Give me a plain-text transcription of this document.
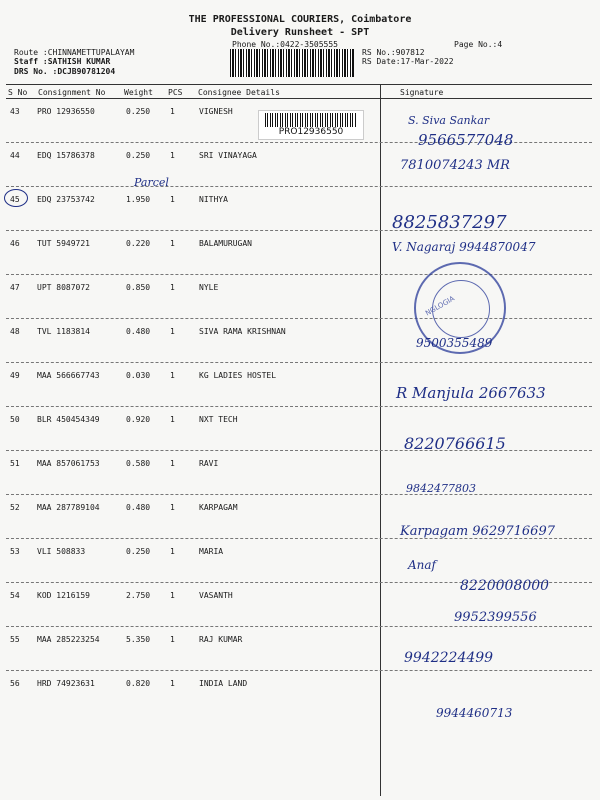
THE PROFESSIONAL COURIERS, Coimbatore
Delivery Runsheet - SPT
Phone No.:0422-3505555	Page No.:4
Route :CHINNAMETTUPALAYAM
Staff :SATHISH KUMAR
DRS No. :DCJB90781204
RS No.:907812
RS Date:17-Mar-2022
S No Consignment No Weight PCS Consignee Details	Signature
43 PRO 12936550	0.250 1	VIGNESH
44 EDQ 15786378	0.250 1	SRI VINAYAGA
45 EDQ 23753742	1.950 1	NITHYA
46 TUT 5949721	0.220 1	BALAMURUGAN
47 UPT 8087072	0.850 1	NYLE
48 TVL 1183814	0.480 1	SIVA RAMA KRISHNAN
49 MAA 566667743	0.030 1	KG LADIES HOSTEL
50 BLR 450454349	0.920 1	NXT TECH
51 MAA 857061753	0.580 1	RAVI
52 MAA 287789104	0.480 1	KARPAGAM
53 VLI 508833	0.250 1	MARIA
54 KOD 1216159	2.750 1	VASANTH
55 MAA 285223254	5.350 1	RAJ KUMAR
56 HRD 74923631	0.820 1	INDIA LAND
PRO12936550
NGLOGIA
Parcel
S. Siva Sankar
9566577048
7810074243 MR
8825837297
V. Nagaraj 9944870047
9500355489
R Manjula 2667633
8220766615
9842477803
Karpagam 9629716697
Anaf
8220008000
9952399556
9942224499
9944460713
